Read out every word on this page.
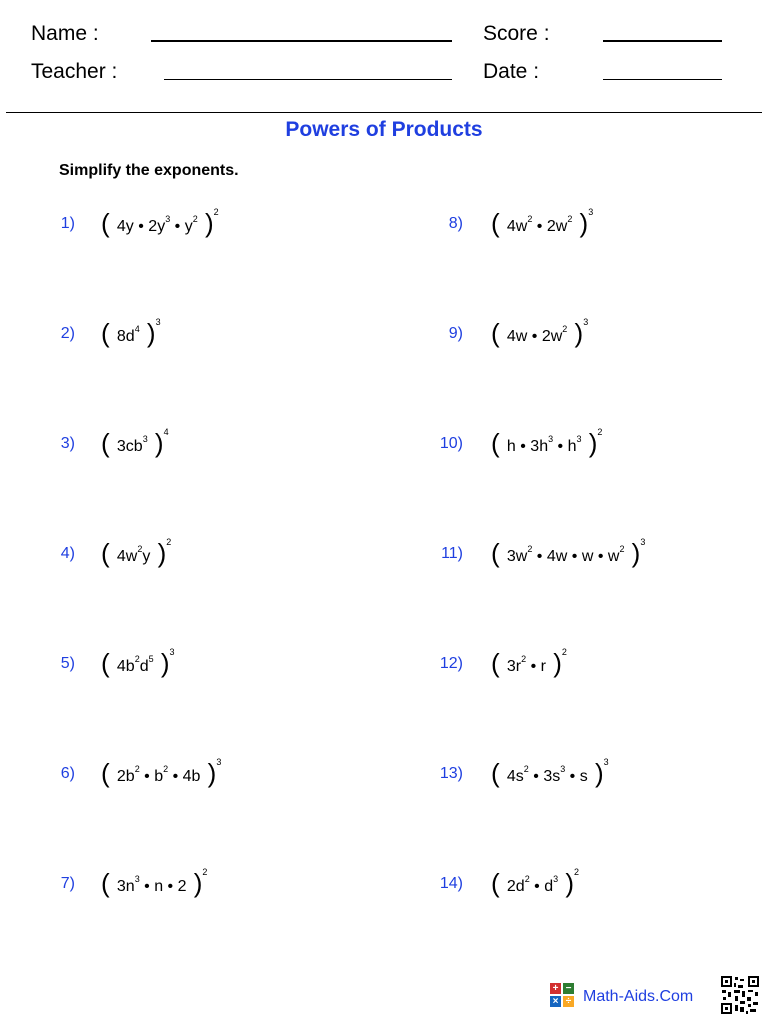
Name :
Teacher :
Score :
Date :
Powers of Products
Simplify the exponents.
1) ( 4y • $2y^3$ • $y^2$ )$^2$
2) ( $8d^4$ )$^3$
3) ( $3cb^3$ )$^4$
4) ( $4w^2y$ )$^2$
5) ( $4b^2d^5$ )$^3$
6) ( $2b^2$ • $b^2$ • 4b )$^3$
7) ( $3n^3$ • n • 2 )$^2$
8) ( $4w^2$ • $2w^2$ )$^3$
9) ( 4w • $2w^2$ )$^3$
10) ( h • $3h^3$ • $h^3$ )$^2$
11) ( $3w^2$ • 4w • w • $w^2$ )$^3$
12) ( $3r^2$ • r )$^2$
13) ( $4s^2$ • $3s^3$ • s )$^3$
14) ( $2d^2$ • $d^3$ )$^2$
+ −
× ÷ Math-Aids.Com
